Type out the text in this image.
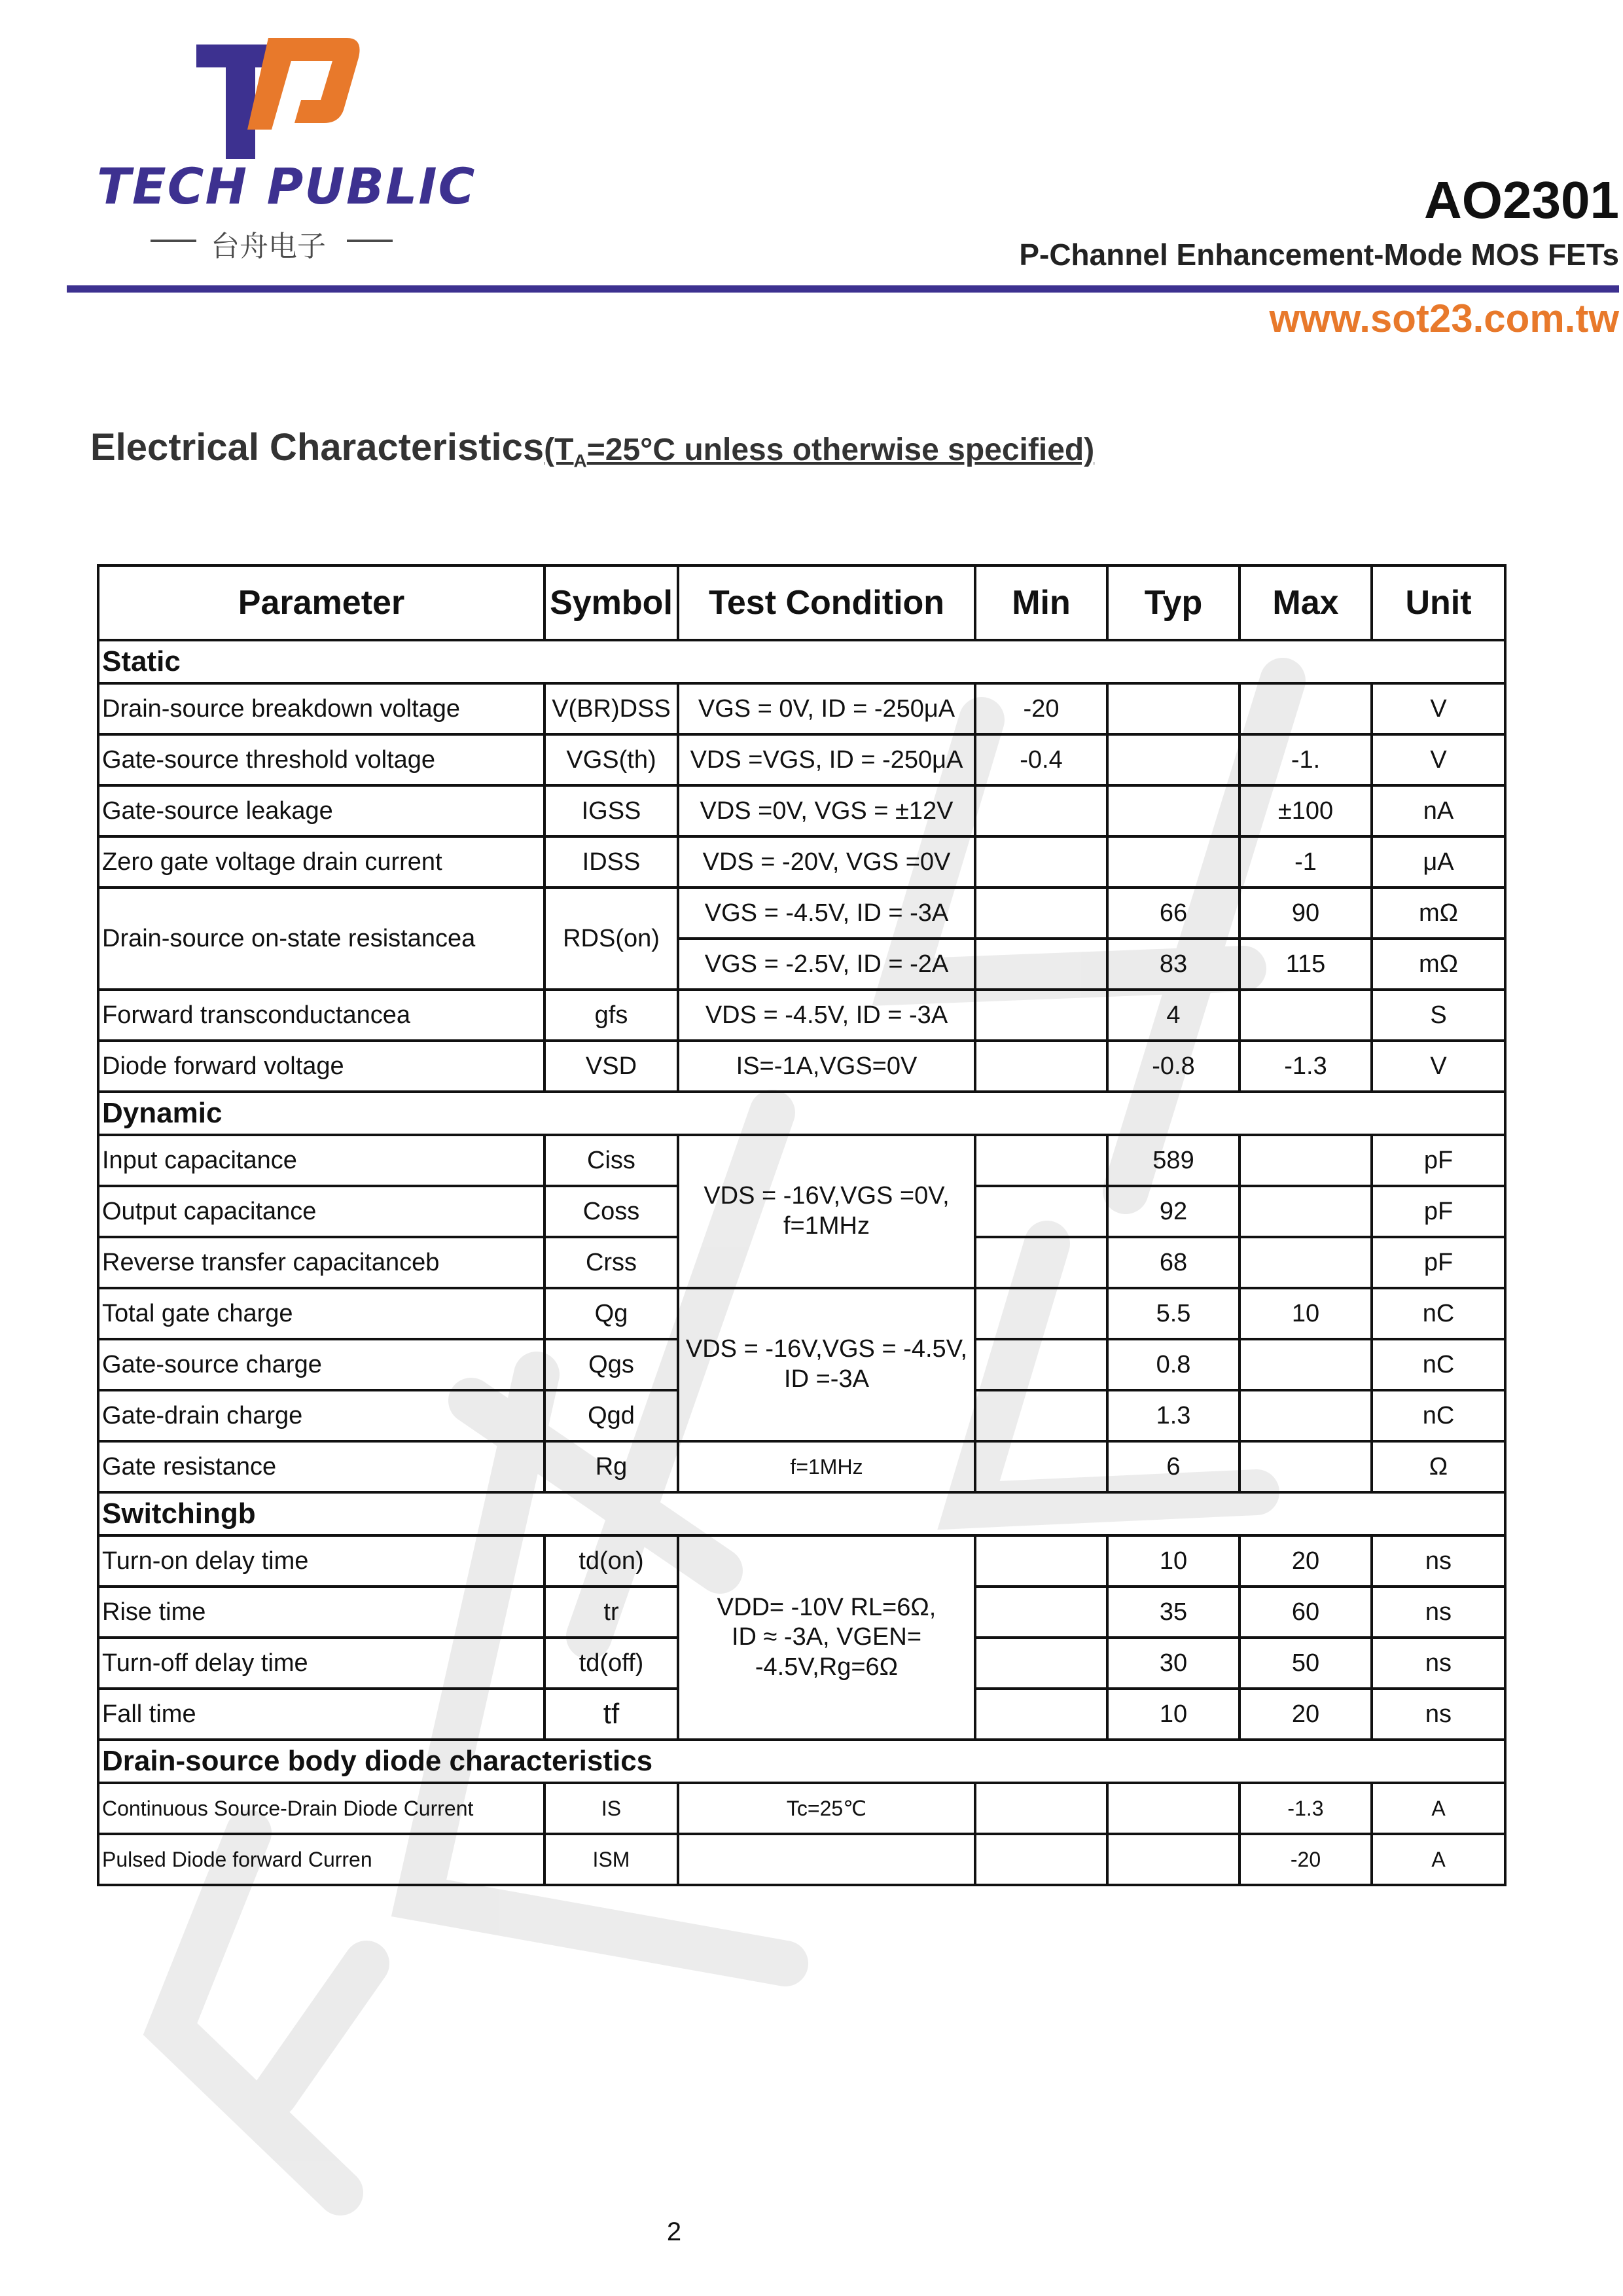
TECH PUBLIC
台舟电子
AO2301
P-Channel Enhancement-Mode MOS FETs
www.sot23.com.tw
Electrical $Characteristics(T_A=25^\circ C$ unless otherwise specified)
Parameter	Symbol	Test Condition	Min	Typ	Max	Unit
Static						
Drain-source breakdown voltage	V(BR)DSS	VGS = 0V, ID = -250μA	-20			V
Gate-source threshold voltage	VGS(th)	VDS =VGS, ID = -250μA	-0.4		-1.	V
Gate-source leakage	IGSS	VDS =0V, VGS = ±12V			±100	nA
Zero gate voltage drain current	IDSS	VDS = -20V, VGS =0V			-1	μA
Drain-source on-state resistancea	RDS(on)	VGS = -4.5V, ID = -3A		66	90	mΩ
		VGS = -2.5V, ID = -2A		83	115	mΩ
Forward transconductancea	gfs	VDS = -4.5V, ID = -3A		4		S
Diode forward voltage	VSD	IS=-1A,VGS=0V		-0.8	-1.3	V
Dynamic						
Input capacitance	Ciss	VDS = -16V,VGS =0V, f=1MHz		589		pF
Output capacitance	Coss			92		pF
Reverse transfer capacitanceb	Crss			68		pF
Total gate charge	Qg	VDS = -16V,VGS = -4.5V, ID =-3A		5.5	10	nC
Gate-source charge	Qgs			0.8		nC
Gate-drain charge	Qgd			1.3		nC
Gate resistance	Rg	f=1MHz		6		Ω
Switchingb						
Turn-on delay time	td(on)	VDD= -10V RL=6Ω, ID ≈ -3A, VGEN= -4.5V,Rg=6Ω		10	20	ns
Rise time	tr			35	60	ns
Turn-off delay time	td(off)			30	50	ns
Fall time	tf			10	20	ns
Drain-source body diode characteristics						
Continuous Source-Drain Diode Current	IS	Tc=25℃			-1.3	A
Pulsed Diode forward Curren	ISM				-20	A
2
